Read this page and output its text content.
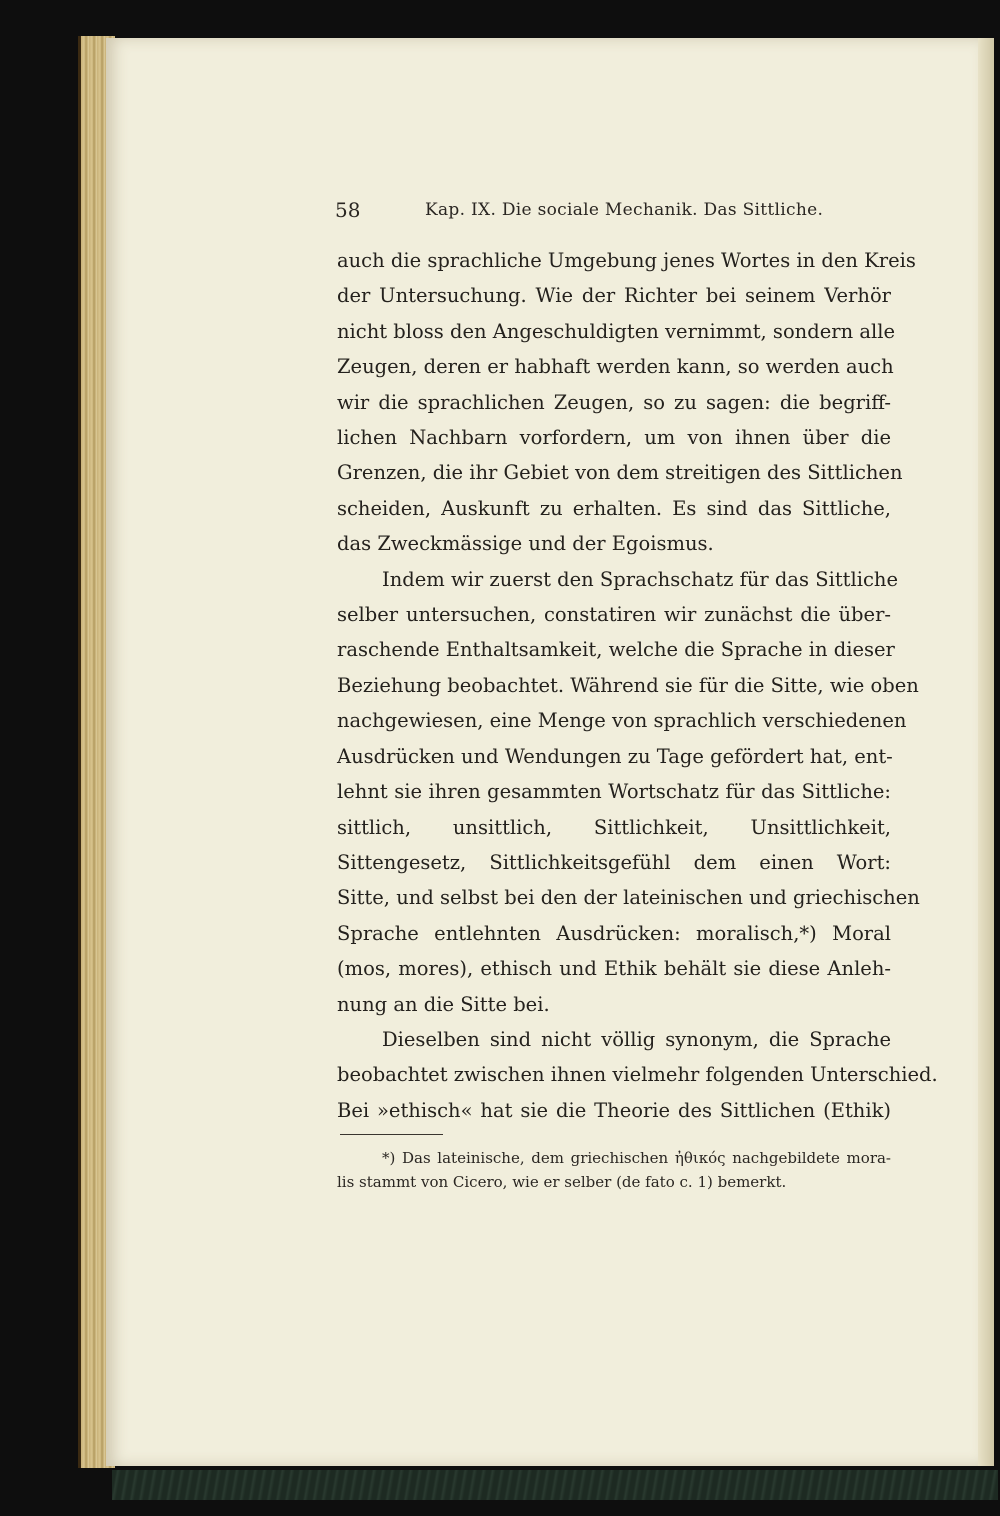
58	Kap. IX. Die sociale Mechanik. Das Sittliche.
auch die sprachliche Umgebung jenes Wortes in den Kreis
der Untersuchung. Wie der Richter bei seinem Verhör
nicht bloss den Angeschuldigten vernimmt, sondern alle
Zeugen, deren er habhaft werden kann, so werden auch
wir die sprachlichen Zeugen, so zu sagen: die begriff-
lichen Nachbarn vorfordern, um von ihnen über die
Grenzen, die ihr Gebiet von dem streitigen des Sittlichen
scheiden, Auskunft zu erhalten. Es sind das Sittliche,
das Zweckmässige und der Egoismus.
Indem wir zuerst den Sprachschatz für das Sittliche
selber untersuchen, constatiren wir zunächst die über-
raschende Enthaltsamkeit, welche die Sprache in dieser
Beziehung beobachtet. Während sie für die Sitte, wie oben
nachgewiesen, eine Menge von sprachlich verschiedenen
Ausdrücken und Wendungen zu Tage gefördert hat, ent-
lehnt sie ihren gesammten Wortschatz für das Sittliche:
sittlich, unsittlich, Sittlichkeit, Unsittlichkeit,
Sittengesetz, Sittlichkeitsgefühl dem einen Wort:
Sitte, und selbst bei den der lateinischen und griechischen
Sprache entlehnten Ausdrücken: moralisch,*) Moral
(mos, mores), ethisch und Ethik behält sie diese Anleh-
nung an die Sitte bei.
Dieselben sind nicht völlig synonym, die Sprache
beobachtet zwischen ihnen vielmehr folgenden Unterschied.
Bei »ethisch« hat sie die Theorie des Sittlichen (Ethik)
*) Das lateinische, dem griechischen ἠθικός nachgebildete mora-
lis stammt von Cicero, wie er selber (de fato c. 1) bemerkt.
